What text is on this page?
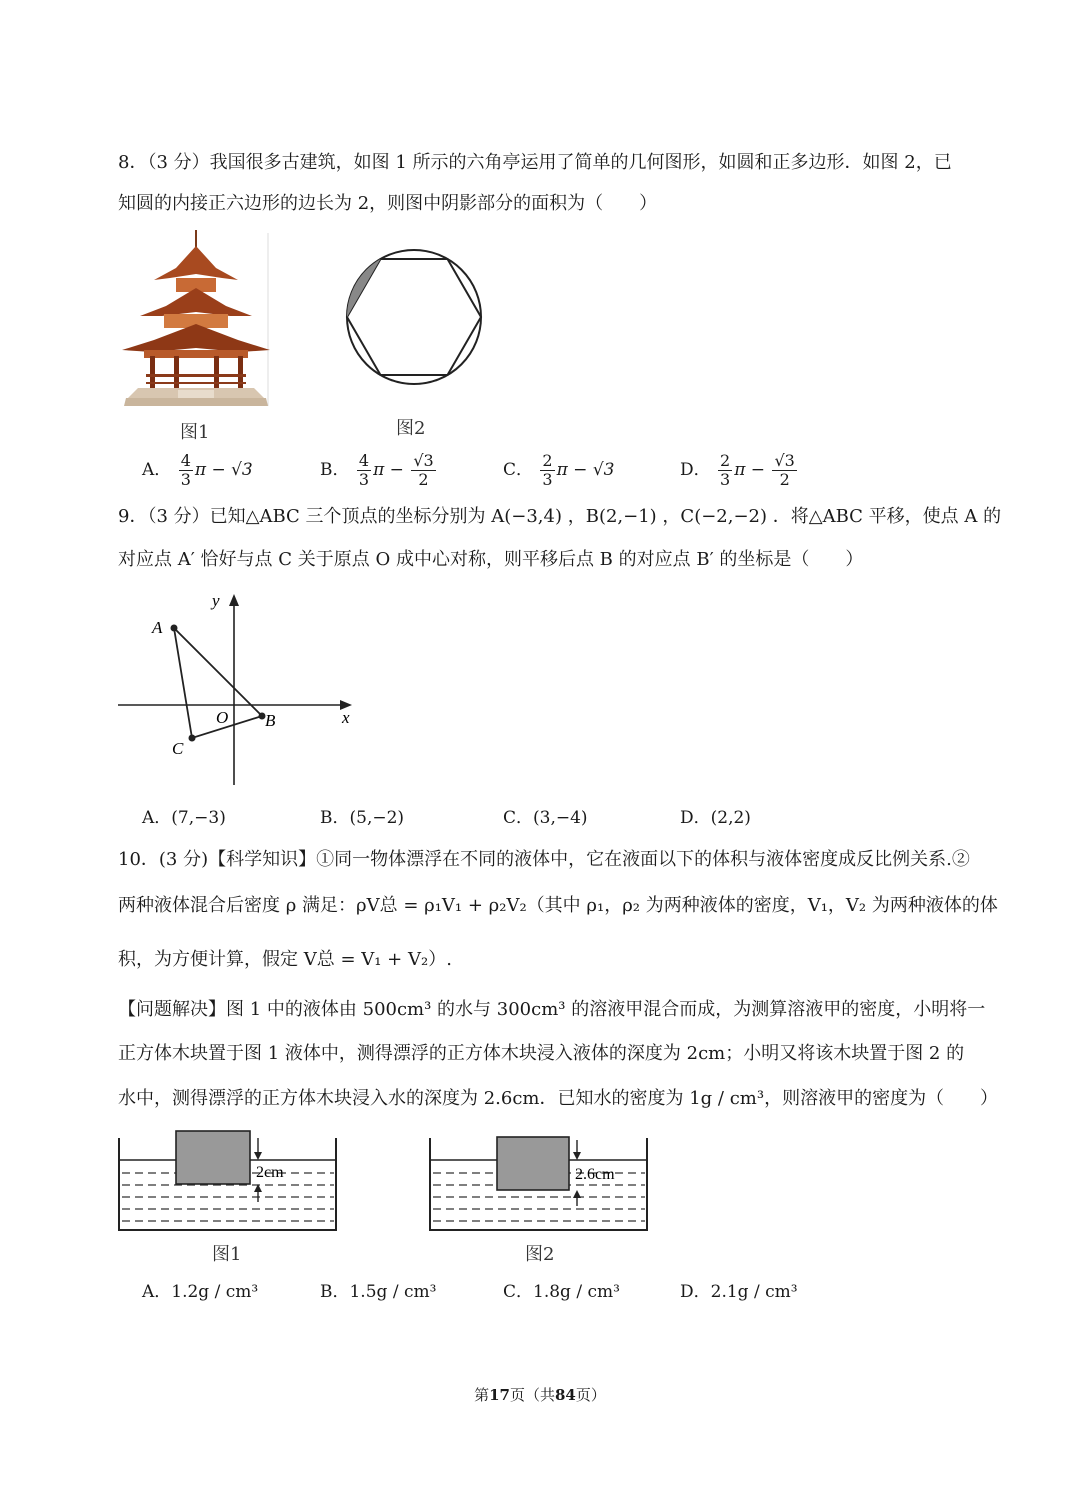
8．（3 分）我国很多古建筑，如图 1 所示的六角亭运用了简单的几何图形，如圆和正多边形．如图 2，已
知圆的内接正六边形的边长为 2，则图中阴影部分的面积为（　　）
图1	图2
A． $\frac{4}{3}$ π − √3	B． $\frac{4}{3}$ $\pi - \frac{√3}{2}$	C． $\frac{2}{3}$ π − √3	D． $\frac{2}{3}$ $\pi - \frac{√3}{2}$
9．（3 分）已知△ABC 三个顶点的坐标分别为 A(−3,4) ，B(2,−1) ，C(−2,−2) ．将△ABC 平移，使点 A 的
对应点 A′ 恰好与点 C 关于原点 O 成中心对称，则平移后点 B 的对应点 B′ 的坐标是（　　）
y
x
O
A
B
C
A．(7,−3)	B．(5,−2)	C．(3,−4)	D．(2,2)
10．(3 分)【科学知识】①同一物体漂浮在不同的液体中，它在液面以下的体积与液体密度成反比例关系.②
两种液体混合后密度 ρ 满足：ρV总 = ρ₁V₁ + ρ₂V₂（其中 ρ₁，ρ₂ 为两种液体的密度，V₁，V₂ 为两种液体的体
积，为方便计算，假定 V总 = V₁ + V₂）.
【问题解决】图 1 中的液体由 500cm³ 的水与 300cm³ 的溶液甲混合而成，为测算溶液甲的密度，小明将一
正方体木块置于图 1 液体中，测得漂浮的正方体木块浸入液体的深度为 2cm；小明又将该木块置于图 2 的
水中，测得漂浮的正方体木块浸入水的深度为 2.6cm．已知水的密度为 1g / cm³，则溶液甲的密度为（　　）
2cm
图1
2.6cm
图2
A．1.2g / cm³	B．1.5g / cm³	C．1.8g / cm³	D．2.1g / cm³
第17页（共84页）
